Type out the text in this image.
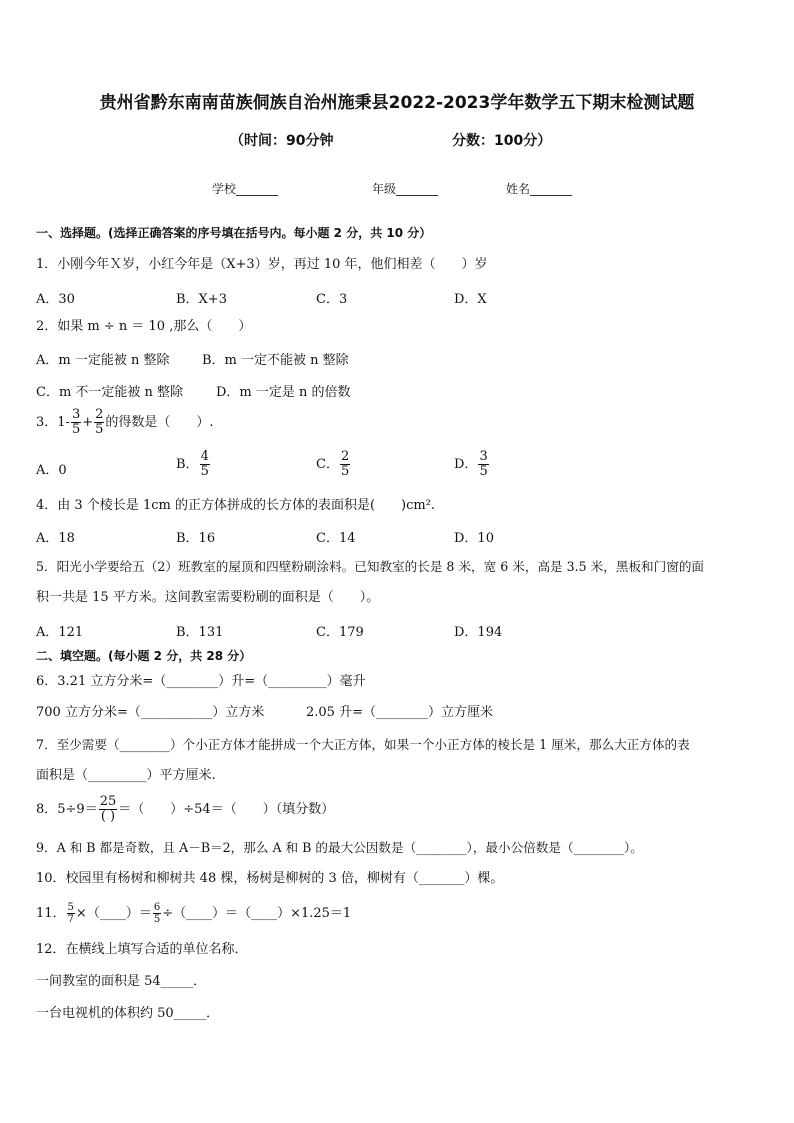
贵州省黔东南南苗族侗族自治州施秉县2022-2023学年数学五下期末检测试题
（时间：90分钟	分数：100分）
学校_______	年级_______	姓名_______
一、选择题。(选择正确答案的序号填在括号内。每小题 2 分，共 10 分）
1．小刚今年Ｘ岁，小红今年是（X+3）岁，再过 10 年，他们相差（　　）岁
A．30	B．X+3	C．3	D．X
2．如果 m ÷ n ＝ 10 ,那么（　　）
A．m 一定能被 n 整除	B．m 一定不能被 n 整除
C．m 不一定能被 n 整除	D．m 一定是 n 的倍数
3．$1- \frac{3}{5} + \frac{2}{5}$ 的得数是（　　）.
A．0	B． $\frac{4}{5}$	C． $\frac{2}{5}$	D． $\frac{3}{5}$
4．由 3 个棱长是 1cm 的正方体拼成的长方体的表面积是(　　)cm².
A．18	B．16	C．14	D．10
5．阳光小学要给五（2）班教室的屋顶和四壁粉刷涂料。已知教室的长是 8 米，宽 6 米，高是 3.5 米，黑板和门窗的面
积一共是 15 平方米。这间教室需要粉刷的面积是（　　）。
A．121	B．131	C．179	D．194
二、填空题。(每小题 2 分，共 28 分）
6．3.21 立方分米=（________）升=（_________）毫升
700 立方分米=（___________）立方米	2.05 升=（________）立方厘米
7．至少需要（________）个小正方体才能拼成一个大正方体，如果一个小正方体的棱长是 1 厘米，那么大正方体的表
面积是（_________）平方厘米.
8．$5\div 9= \frac{25}{( )}$ ＝（　　）÷54＝（　　）（填分数）
9．A 和 B 都是奇数，且 A－B＝2，那么 A 和 B 的最大公因数是（________），最小公倍数是（________）。
10．校园里有杨树和柳树共 48 棵，杨树是柳树的 3 倍，柳树有（_______）棵。
11． $\frac{5}{7}$ ×（____）＝ $\frac{6}{5}$ ÷（____）＝（____）×1.25＝1
12．在横线上填写合适的单位名称．
一间教室的面积是 54_____．
一台电视机的体积约 50_____．
